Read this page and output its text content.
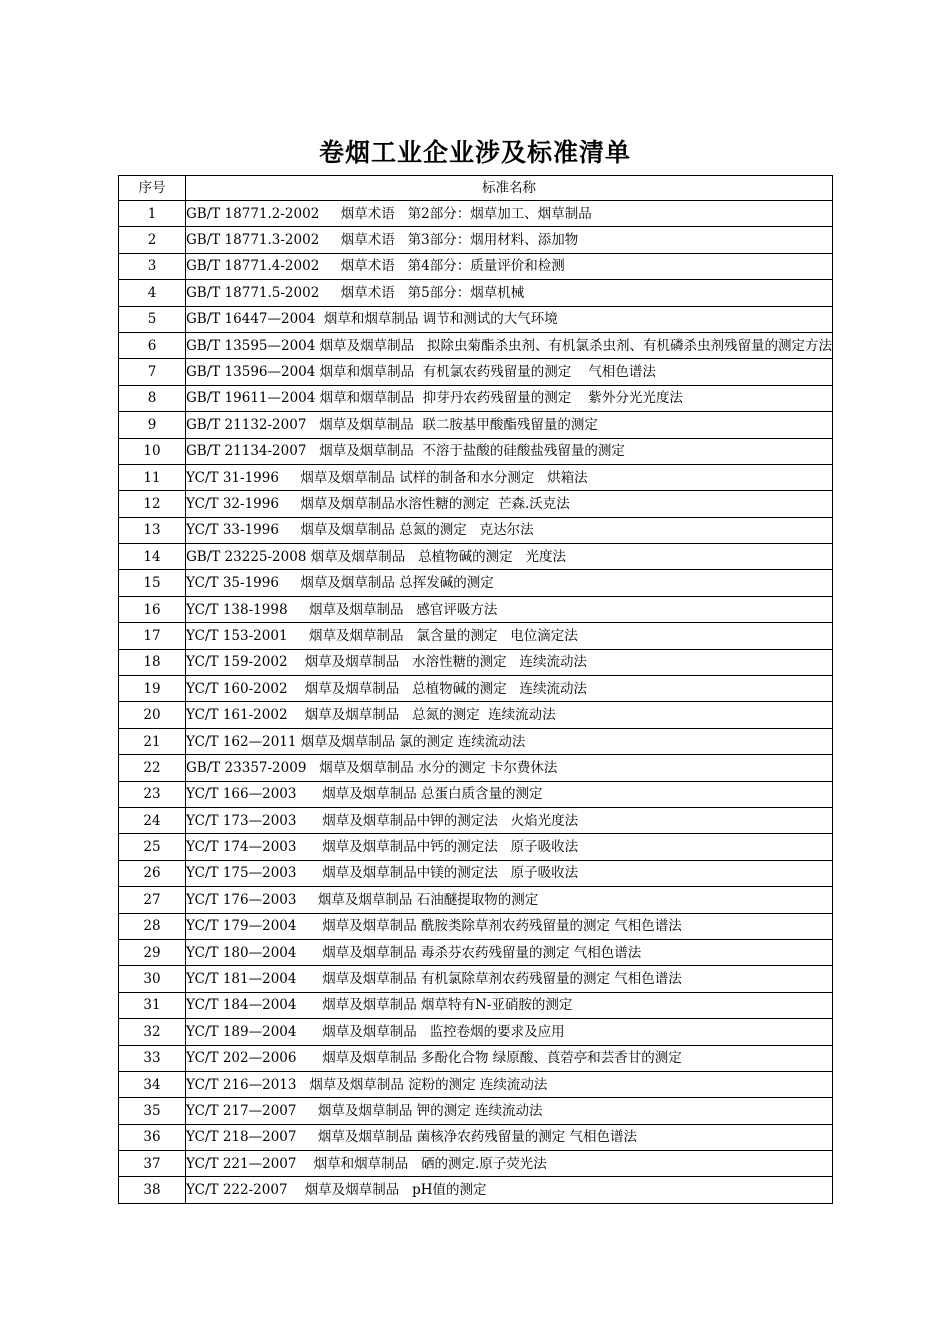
卷烟工业企业涉及标准清单
序号	标准名称
1	GB/T 18771.2-2002     烟草术语   第2部分：烟草加工、烟草制品
2	GB/T 18771.3-2002     烟草术语   第3部分：烟用材料、添加物
3	GB/T 18771.4-2002     烟草术语   第4部分：质量评价和检测
4	GB/T 18771.5-2002     烟草术语   第5部分：烟草机械
5	GB/T 16447—2004  烟草和烟草制品 调节和测试的大气环境
6	GB/T 13595—2004 烟草及烟草制品   拟除虫菊酯杀虫剂、有机氯杀虫剂、有机磷杀虫剂残留量的测定方法
7	GB/T 13596—2004 烟草和烟草制品  有机氯农药残留量的测定    气相色谱法
8	GB/T 19611—2004 烟草和烟草制品  抑芽丹农药残留量的测定    紫外分光光度法
9	GB/T 21132-2007   烟草及烟草制品  联二胺基甲酸酯残留量的测定
10	GB/T 21134-2007   烟草及烟草制品  不溶于盐酸的硅酸盐残留量的测定
11	YC/T 31-1996     烟草及烟草制品 试样的制备和水分测定   烘箱法
12	YC/T 32-1996     烟草及烟草制品水溶性糖的测定  芒森.沃克法
13	YC/T 33-1996     烟草及烟草制品 总氮的测定   克达尔法
14	GB/T 23225-2008 烟草及烟草制品   总植物碱的测定   光度法
15	YC/T 35-1996     烟草及烟草制品 总挥发碱的测定
16	YC/T 138-1998     烟草及烟草制品   感官评吸方法
17	YC/T 153-2001     烟草及烟草制品   氯含量的测定   电位滴定法
18	YC/T 159-2002    烟草及烟草制品   水溶性糖的测定   连续流动法
19	YC/T 160-2002    烟草及烟草制品   总植物碱的测定   连续流动法
20	YC/T 161-2002    烟草及烟草制品   总氮的测定  连续流动法
21	YC/T 162—2011 烟草及烟草制品 氯的测定 连续流动法
22	GB/T 23357-2009   烟草及烟草制品 水分的测定 卡尔费休法
23	YC/T 166—2003      烟草及烟草制品 总蛋白质含量的测定
24	YC/T 173—2003      烟草及烟草制品中钾的测定法   火焰光度法
25	YC/T 174—2003      烟草及烟草制品中钙的测定法   原子吸收法
26	YC/T 175—2003      烟草及烟草制品中镁的测定法   原子吸收法
27	YC/T 176—2003     烟草及烟草制品 石油醚提取物的测定
28	YC/T 179—2004      烟草及烟草制品 酰胺类除草剂农药残留量的测定 气相色谱法
29	YC/T 180—2004      烟草及烟草制品 毒杀芬农药残留量的测定 气相色谱法
30	YC/T 181—2004      烟草及烟草制品 有机氯除草剂农药残留量的测定 气相色谱法
31	YC/T 184—2004      烟草及烟草制品 烟草特有N-亚硝胺的测定
32	YC/T 189—2004      烟草及烟草制品   监控卷烟的要求及应用
33	YC/T 202—2006      烟草及烟草制品 多酚化合物 绿原酸、莨菪亭和芸香甘的测定
34	YC/T 216—2013   烟草及烟草制品 淀粉的测定 连续流动法
35	YC/T 217—2007     烟草及烟草制品 钾的测定 连续流动法
36	YC/T 218—2007     烟草及烟草制品 菌核净农药残留量的测定 气相色谱法
37	YC/T 221—2007    烟草和烟草制品   硒的测定.原子荧光法
38	YC/T 222-2007    烟草及烟草制品   pH值的测定
